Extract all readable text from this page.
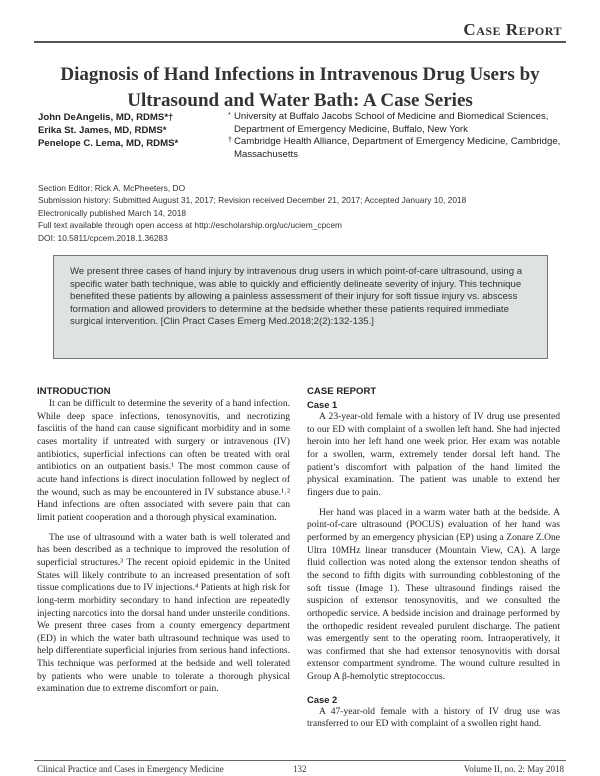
Case Report
Diagnosis of Hand Infections in Intravenous Drug Users by Ultrasound and Water Bath: A Case Series
John DeAngelis, MD, RDMS*†
Erika St. James, MD, RDMS*
Penelope C. Lema, MD, RDMS*
* University at Buffalo Jacobs School of Medicine and Biomedical Sciences, Department of Emergency Medicine, Buffalo, New York
† Cambridge Health Alliance, Department of Emergency Medicine, Cambridge, Massachusetts
Section Editor: Rick A. McPheeters, DO
Submission history: Submitted August 31, 2017; Revision received December 21, 2017; Accepted January 10, 2018
Electronically published March 14, 2018
Full text available through open access at http://escholarship.org/uc/uciem_cpcem
DOI: 10.5811/cpcem.2018.1.36283
We present three cases of hand injury by intravenous drug users in which point-of-care ultrasound, using a specific water bath technique, was able to quickly and efficiently delineate severity of injury. This technique benefited these patients by allowing a painless assessment of their injury for soft tissue injury vs. abscess formation and allowed providers to determine at the bedside whether these patients required immediate surgical intervention. [Clin Pract Cases Emerg Med.2018;2(2):132-135.]
INTRODUCTION

It can be difficult to determine the severity of a hand infection. While deep space infections, tenosynovitis, and necrotizing fasciitis of the hand can cause significant morbidity and in some cases mortality if untreated with surgery or intravenous (IV) antibiotics, superficial infections can often be treated with oral antibiotics on an outpatient basis.¹ The most common cause of acute hand infections is direct inoculation followed by neglect of the wound, such as may be encountered in IV substance abuse.¹˒² Hand infections are often associated with severe pain that can limit patient cooperation and a thorough physical examination.

The use of ultrasound with a water bath is well tolerated and has been described as a technique to improved the resolution of superficial structures.³ The recent opioid epidemic in the United States will likely contribute to an increased presentation of soft tissue complications due to IV injections.⁴ Patients at high risk for long-term morbidity secondary to hand infection are repeatedly injecting narcotics into the dorsal hand under unsterile conditions. We present three cases from a county emergency department (ED) in which the water bath ultrasound technique was used to help differentiate superficial injuries from serious hand infections. This technique was performed at the bedside and well tolerated by patients who were unable to tolerate a thorough physical examination due to extreme discomfort or pain.

CASE REPORT
Case 1

A 23-year-old female with a history of IV drug use presented to our ED with complaint of a swollen left hand. She had injected heroin into her left hand one week prior. Her exam was notable for a swollen, warm, extremely tender dorsal left hand. The patient’s discomfort with palpation of the hand limited the physical examination. The patient was unable to extend her fingers due to pain.

Her hand was placed in a warm water bath at the bedside. A point-of-care ultrasound (POCUS) evaluation of her hand was performed by an emergency physician (EP) using a Zonare Z.One Ultra 10MHz linear transducer (Mountain View, CA). A large fluid collection was noted along the extensor tendon sheaths of the second to fifth digits with surrounding cobblestoning of the soft tissue (Image 1). These ultrasound findings raised the suspicion of extensor tenosynovitis, and we consulted the orthopedic service. A bedside incision and drainage performed by the orthopedic resident revealed purulent discharge. The patient was emergently sent to the operating room. Intraoperatively, it was confirmed that she had extensor tenosynovitis with dorsal extensor compartment syndrome. The wound culture resulted in Group A β-hemolytic streptococcus.

Case 2

A 47-year-old female with a history of IV drug use was transferred to our ED with complaint of a swollen right hand.

Clinical Practice and Cases in Emergency Medicine	132	Volume II, no. 2: May 2018
